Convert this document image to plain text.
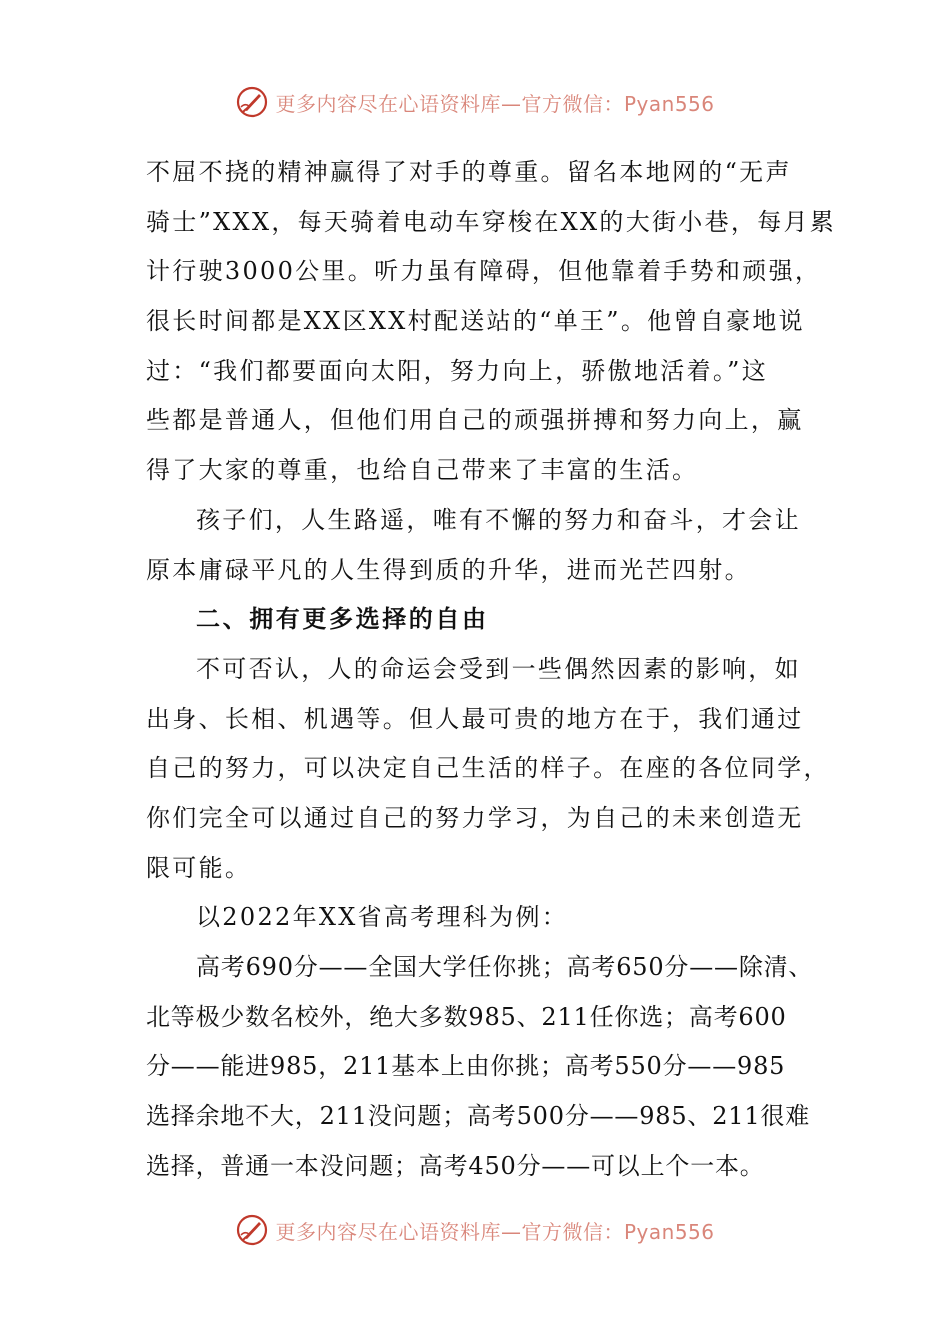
更多内容尽在心语资料库—官方微信：Pyan556
不屈不挠的精神赢得了对手的尊重。留名本地网的“无声
骑士”XXX，每天骑着电动车穿梭在XX的大街小巷，每月累
计行驶3000公里。听力虽有障碍，但他靠着手势和顽强，
很长时间都是XX区XX村配送站的“单王”。他曾自豪地说
过：“我们都要面向太阳，努力向上，骄傲地活着。”这
些都是普通人，但他们用自己的顽强拼搏和努力向上，赢
得了大家的尊重，也给自己带来了丰富的生活。
孩子们，人生路遥，唯有不懈的努力和奋斗，才会让
原本庸碌平凡的人生得到质的升华，进而光芒四射。
二、拥有更多选择的自由
不可否认，人的命运会受到一些偶然因素的影响，如
出身、长相、机遇等。但人最可贵的地方在于，我们通过
自己的努力，可以决定自己生活的样子。在座的各位同学，
你们完全可以通过自己的努力学习，为自己的未来创造无
限可能。
以2022年XX省高考理科为例：
高考690分——全国大学任你挑；高考650分——除清、
北等极少数名校外，绝大多数985、211任你选；高考600
分——能进985，211基本上由你挑；高考550分——985
选择余地不大，211没问题；高考500分——985、211很难
选择，普通一本没问题；高考450分——可以上个一本。
更多内容尽在心语资料库—官方微信：Pyan556
